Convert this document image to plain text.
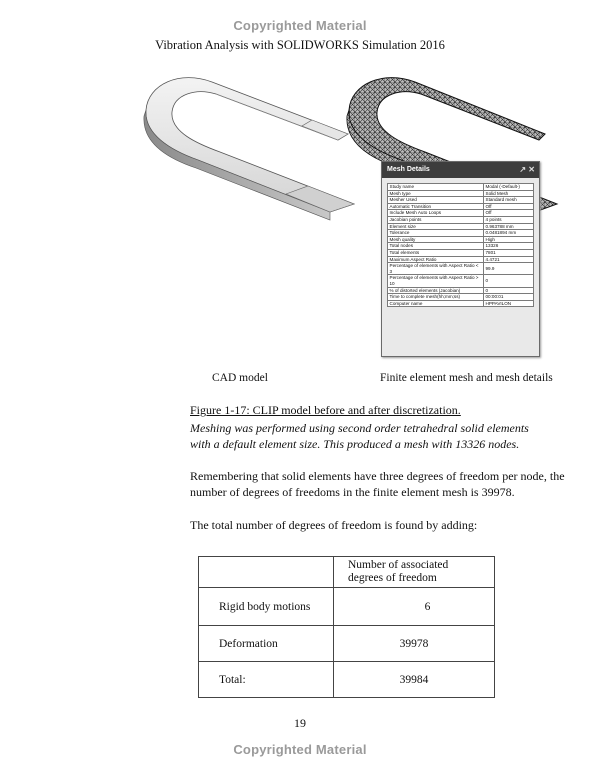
Copyrighted Material
Vibration Analysis with SOLIDWORKS Simulation 2016
Mesh Details	↗ ✕
Study name	Modal (-Default-)
Mesh type	Solid Mesh
Mesher Used	Standard mesh
Automatic Transition	Off
Include Mesh Auto Loops	Off
Jacobian points	4 points
Element size	0.963788 mm
Tolerance	0.0481894 mm
Mesh quality	High
Total nodes	13326
Total elements	7801
Maximum Aspect Ratio	4.4721
Percentage of elements with Aspect Ratio < 3	99.9
Percentage of elements with Aspect Ratio > 10	0
% of distorted elements (Jacobian)	0
Time to complete mesh(hh;mm;ss)	00:00:01
Computer name	HPPAVILON
CAD model	Finite element mesh and mesh details
Figure 1-17: CLIP model before and after discretization.
Meshing was performed using second order tetrahedral solid elements with a default element size. This produced a mesh with 13326 nodes.
Remembering that solid elements have three degrees of freedom per node, the number of degrees of freedoms in the finite element mesh is 39978.
The total number of degrees of freedom is found by adding:
	Number of associated degrees of freedom
Rigid body motions	6
Deformation	39978
Total:	39984
19
Copyrighted Material
